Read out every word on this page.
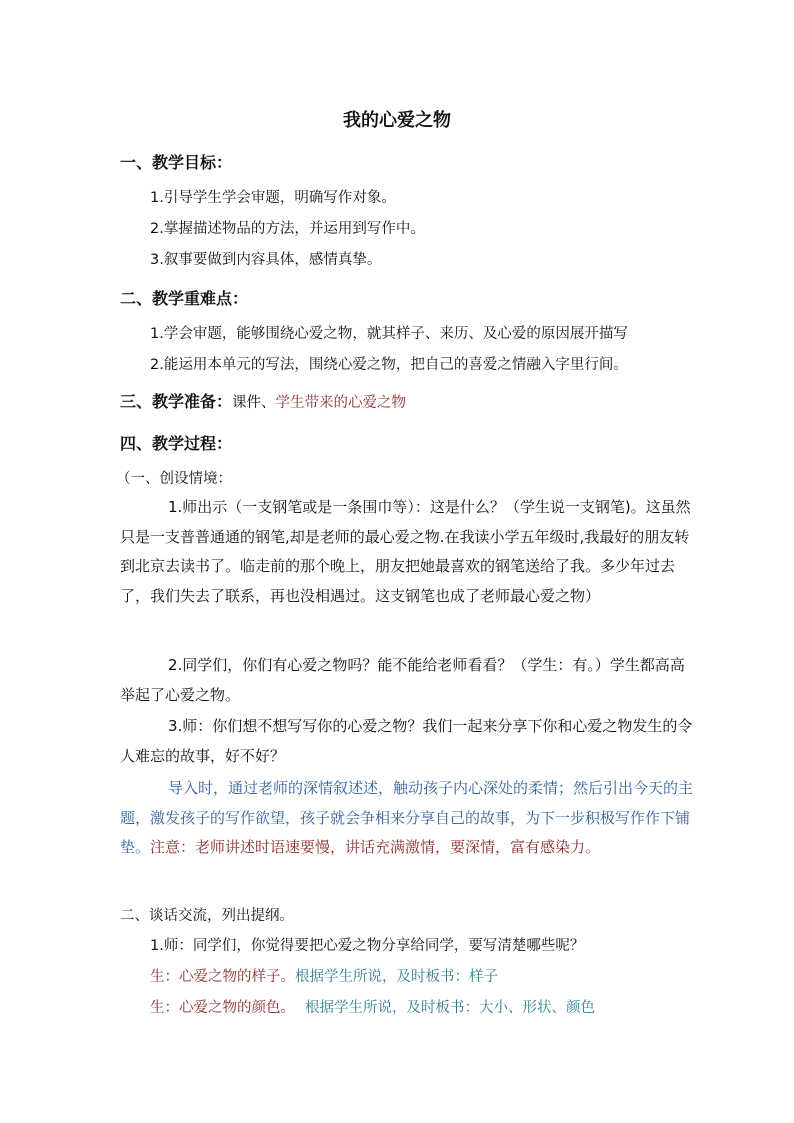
我的心爱之物
一、教学目标：
1.引导学生学会审题，明确写作对象。
2.掌握描述物品的方法，并运用到写作中。
3.叙事要做到内容具体，感情真挚。
二、教学重难点：
1.学会审题，能够围绕心爱之物，就其样子、来历、及心爱的原因展开描写
2.能运用本单元的写法，围绕心爱之物，把自己的喜爱之情融入字里行间。
三、教学准备：课件、学生带来的心爱之物
四、教学过程：
（一、创设情境：
1.师出示（一支钢笔或是一条围巾等）：这是什么？（学生说一支钢笔)。这虽然只是一支普普通通的钢笔,却是老师的最心爱之物.在我读小学五年级时,我最好的朋友转到北京去读书了。临走前的那个晚上，朋友把她最喜欢的钢笔送给了我。多少年过去了，我们失去了联系，再也没相遇过。这支钢笔也成了老师最心爱之物）
2.同学们，你们有心爱之物吗？能不能给老师看看？（学生：有。）学生都高高举起了心爱之物。
3.师：你们想不想写写你的心爱之物？我们一起来分享下你和心爱之物发生的令人难忘的故事，好不好？
导入时，通过老师的深情叙述述，触动孩子内心深处的柔情；然后引出今天的主题，激发孩子的写作欲望，孩子就会争相来分享自己的故事，为下一步积极写作作下铺垫。注意：老师讲述时语速要慢，讲话充满激情，要深情，富有感染力。
二、谈话交流，列出提纲。
1.师：同学们，你觉得要把心爱之物分享给同学，要写清楚哪些呢？
生：心爱之物的样子。根据学生所说，及时板书：样子
生：心爱之物的颜色。 根据学生所说，及时板书：大小、形状、颜色
